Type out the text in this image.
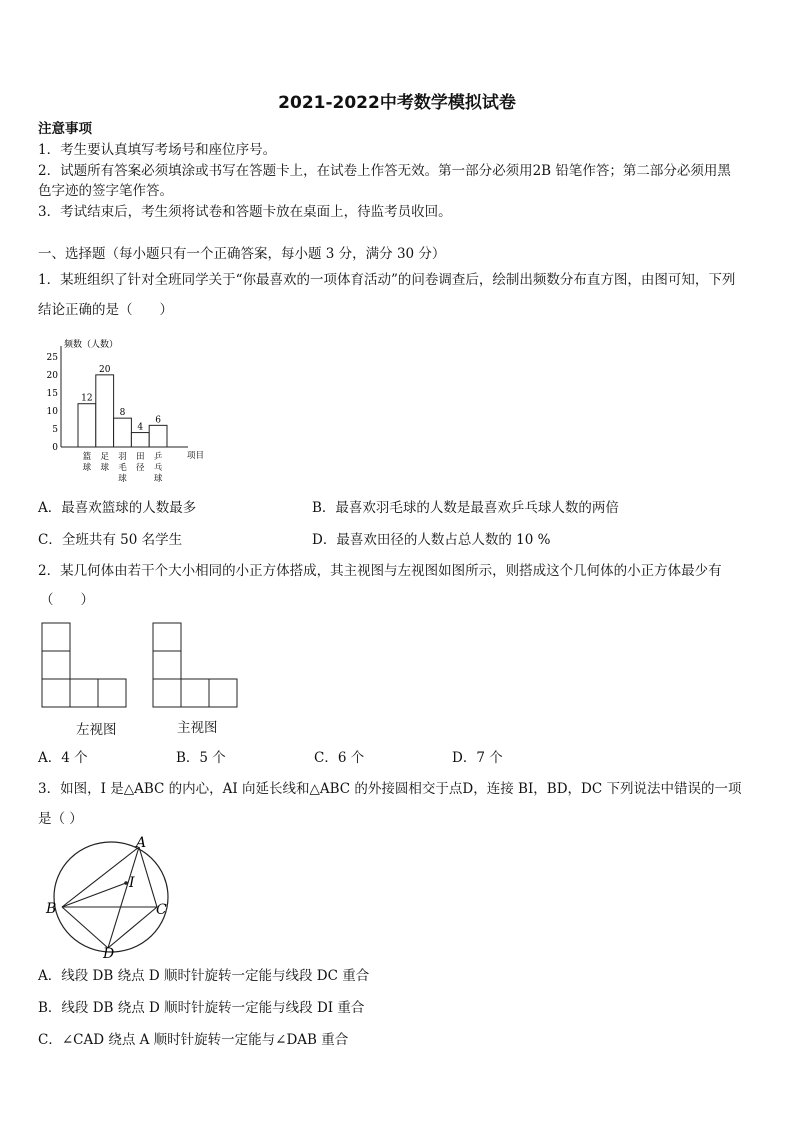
2021-2022中考数学模拟试卷
注意事项
1．考生要认真填写考场号和座位序号。
2．试题所有答案必须填涂或书写在答题卡上，在试卷上作答无效。第一部分必须用2B 铅笔作答；第二部分必须用黑
色字迹的签字笔作答。
3．考试结束后，考生须将试卷和答题卡放在桌面上，待监考员收回。
一、选择题（每小题只有一个正确答案，每小题 3 分，满分 30 分）
1．某班组织了针对全班同学关于“你最喜欢的一项体育活动”的问卷调查后，绘制出频数分布直方图，由图可知，下列
结论正确的是（　　）
频数（人数）
项目
0
5
10
15
20
25
12
20
8
4
6
篮球
足球
羽毛球
田径
乒乓球
A．最喜欢篮球的人数最多	B．最喜欢羽毛球的人数是最喜欢乒乓球人数的两倍
C．全班共有 50 名学生	D．最喜欢田径的人数占总人数的 10 %
2．某几何体由若干个大小相同的小正方体搭成，其主视图与左视图如图所示，则搭成这个几何体的小正方体最少有
（　　）
左视图	主视图
A．4 个	B．5 个	C．6 个	D．7 个
3．如图，I 是△ABC 的内心，AI 向延长线和△ABC 的外接圆相交于点D，连接 BI，BD，DC 下列说法中错误的一项
是（ ）
A
I
B	C
D
A．线段 DB 绕点 D 顺时针旋转一定能与线段 DC 重合
B．线段 DB 绕点 D 顺时针旋转一定能与线段 DI 重合
C．∠CAD 绕点 A 顺时针旋转一定能与∠DAB 重合
